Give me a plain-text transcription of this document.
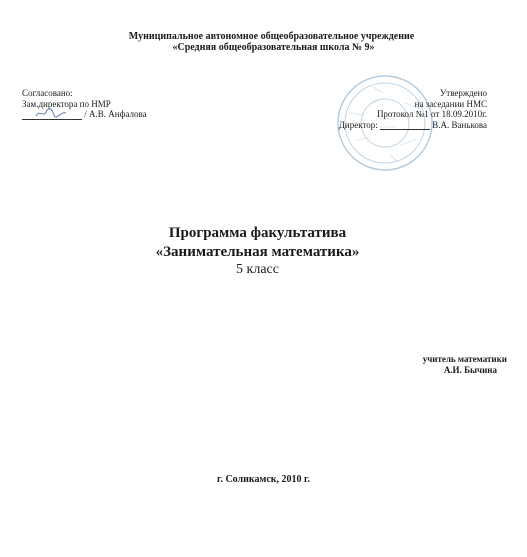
Муниципальное автономное общеобразовательное учреждение
«Средняя общеобразовательная школа № 9»
Согласовано:
Зам.директора по НМР
/ А.В. Анфалова
Утверждено
на заседании НМС
Протокол №1 от 18.09.2010г.
Директор:	В.А. Ванькова
Программа факультатива
«Занимательная математика»
5 класс
учитель математики
А.И. Бычина
г. Соликамск, 2010 г.
